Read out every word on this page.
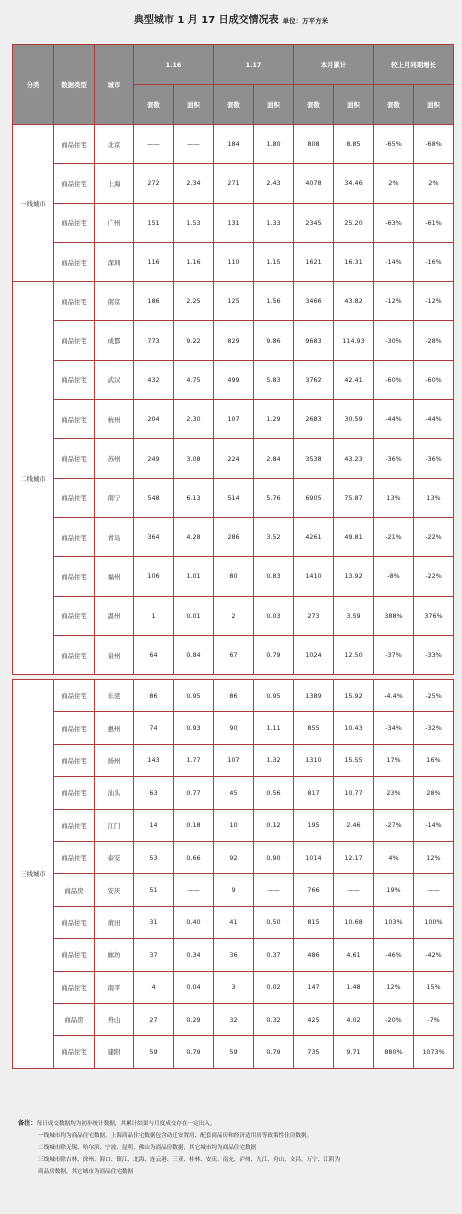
典型城市 1 月 17 日成交情况表 单位：万平方米
分类	数据类型	城市	1.16		1.17		本月累计		较上月同期增长	
			套数	面积	套数	面积	套数	面积	套数	面积
一线城市	商品住宅	北京	——	——	184	1.80	808	8.85	-65%	-68%
	商品住宅	上海	272	2.34	271	2.43	4078	34.46	2%	2%
	商品住宅	广州	151	1.53	131	1.33	2345	25.20	-63%	-61%
	商品住宅	深圳	116	1.16	110	1.15	1621	16.31	-14%	-16%
二线城市	商品住宅	南京	186	2.25	125	1.56	3466	43.82	-12%	-12%
	商品住宅	成都	773	9.22	829	9.86	9683	114.93	-30%	-28%
	商品住宅	武汉	432	4.75	499	5.83	3762	42.41	-60%	-60%
	商品住宅	杭州	204	2.30	107	1.29	2683	30.59	-44%	-44%
	商品住宅	苏州	249	3.08	224	2.84	3538	43.23	-36%	-36%
	商品住宅	南宁	548	6.13	514	5.76	6905	75.87	13%	13%
	商品住宅	青岛	364	4.28	286	3.52	4261	49.81	-21%	-22%
	商品住宅	福州	106	1.01	80	0.83	1410	13.92	-8%	-22%
	商品住宅	温州	1	0.01	2	0.03	273	3.59	388%	376%
	商品住宅	泉州	64	0.84	67	0.79	1024	12.50	-37%	-33%
三线城市	商品住宅	东莞	86	0.95	86	0.95	1389	15.92	-4.4%	-25%
	商品住宅	惠州	74	0.93	90	1.11	855	10.43	-34%	-32%
	商品住宅	扬州	143	1.77	107	1.32	1310	15.55	17%	16%
	商品住宅	汕头	63	0.77	45	0.56	817	10.77	23%	28%
	商品住宅	江门	14	0.18	10	0.12	195	2.46	-27%	-14%
	商品住宅	泰安	53	0.66	92	0.90	1014	12.17	4%	12%
	商品房	安庆	51	——	9	——	766	——	19%	——
	商品住宅	莆田	31	0.40	41	0.50	815	10.68	103%	100%
	商品住宅	廊坊	37	0.34	36	0.37	486	4.61	-46%	-42%
	商品住宅	南平	4	0.04	3	0.02	147	1.48	12%	15%
	商品房	舟山	27	0.29	32	0.32	425	4.02	-20%	-7%
	商品住宅	建阳	59	0.79	59	0.79	735	9.71	880%	1073%
备注：每日成交数据均为初步统计数据，其累计结果与月度成交存在一定出入。
一线城市均为商品住宅数据，上海商品住宅数据包含动迁安置房、配套商品房和经济适用房等政策性住房数据。
二线城市除无锡、哈尔滨、宁波、昆明、佛山为商品房数据，其它城市均为商品住宅数据
三线城市除吉林、徐州、海口、镇江、北海、连云港、三亚、桂林、安庆、南充、泸州、九江、舟山、文昌、万宁、江阴为
商品房数据，其它城市为商品住宅数据
